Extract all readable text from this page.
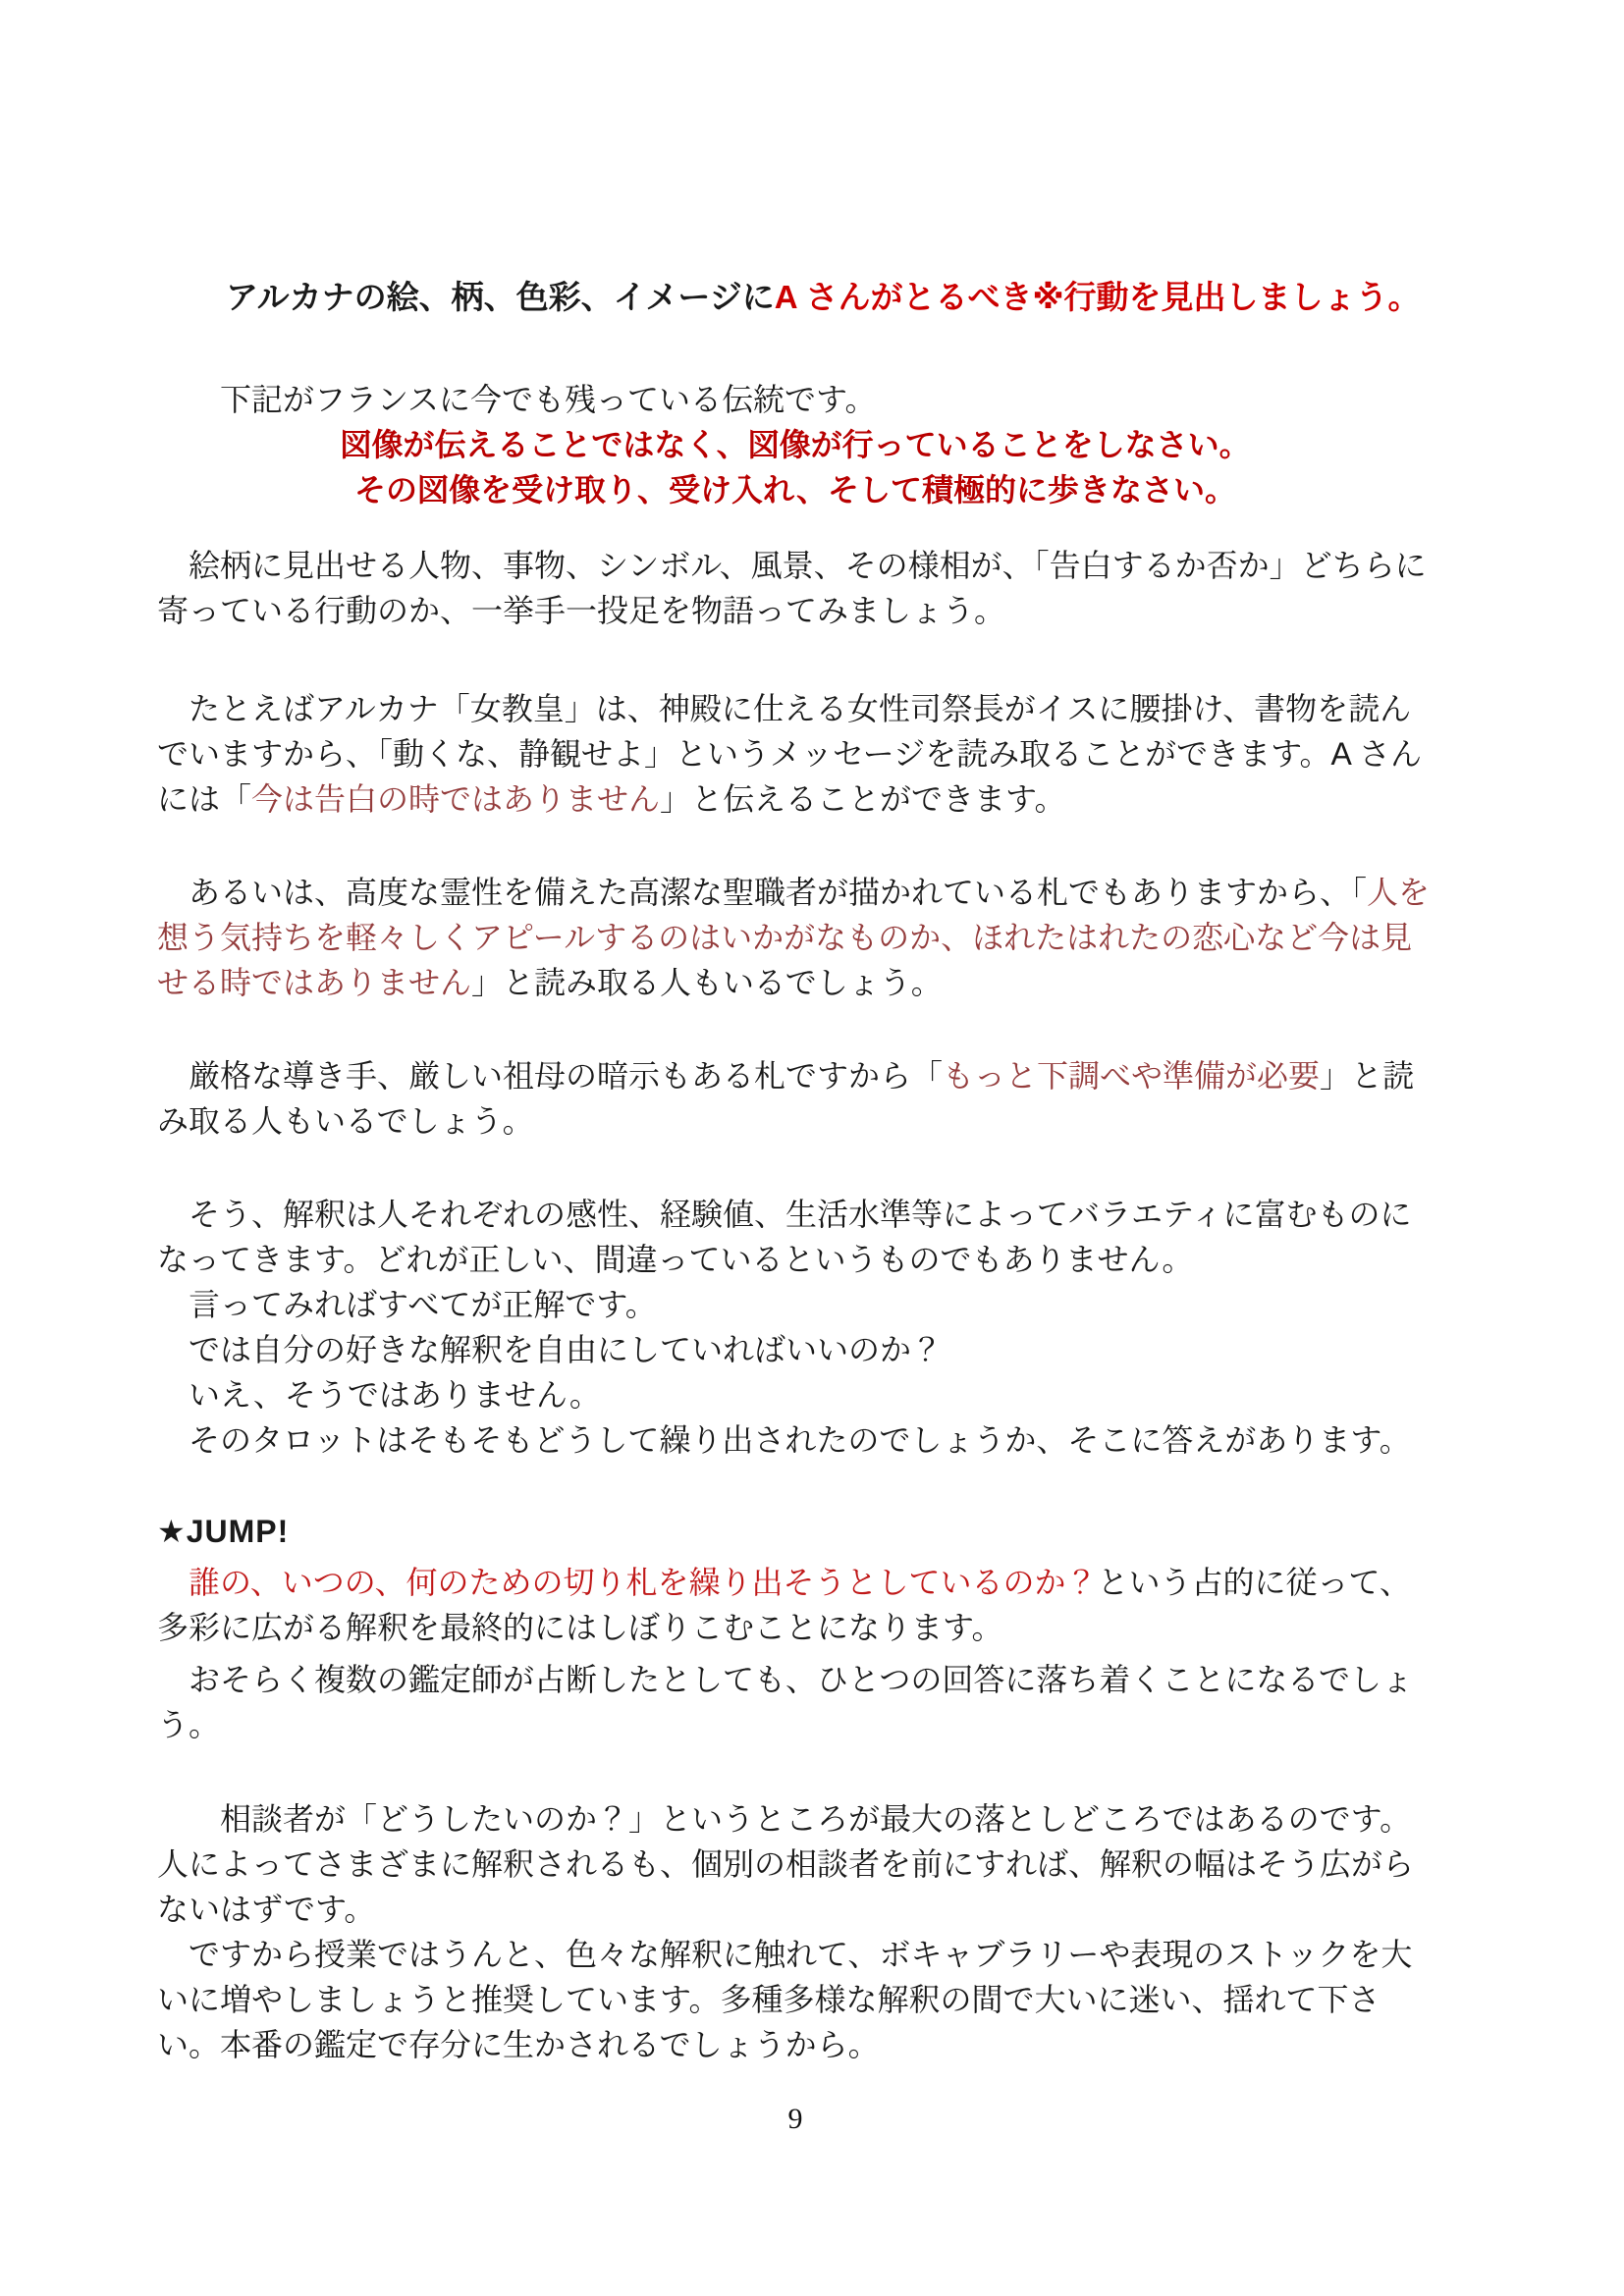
アルカナの絵、柄、色彩、イメージにA さんがとるべき※行動を見出しましょう。

下記がフランスに今でも残っている伝統です。

図像が伝えることではなく、図像が行っていることをしなさい。

その図像を受け取り、受け入れ、そして積極的に歩きなさい。

　絵柄に見出せる人物、事物、シンボル、風景、その様相が、「告白するか否か」どちらに寄っている行動のか、一挙手一投足を物語ってみましょう。

　たとえばアルカナ「女教皇」は、神殿に仕える女性司祭長がイスに腰掛け、書物を読んでいますから、「動くな、静観せよ」というメッセージを読み取ることができます。A さんには「今は告白の時ではありません」と伝えることができます。

　あるいは、高度な霊性を備えた高潔な聖職者が描かれている札でもありますから、「人を想う気持ちを軽々しくアピールするのはいかがなものか、ほれたはれたの恋心など今は見せる時ではありません」と読み取る人もいるでしょう。

　厳格な導き手、厳しい祖母の暗示もある札ですから「もっと下調べや準備が必要」と読み取る人もいるでしょう。

　そう、解釈は人それぞれの感性、経験値、生活水準等によってバラエティに富むものになってきます。どれが正しい、間違っているというものでもありません。

　言ってみればすべてが正解です。

　では自分の好きな解釈を自由にしていればいいのか？

　いえ、そうではありません。

　そのタロットはそもそもどうして繰り出されたのでしょうか、そこに答えがあります。

★JUMP!

　誰の、いつの、何のための切り札を繰り出そうとしているのか？という占的に従って、多彩に広がる解釈を最終的にはしぼりこむことになります。

　おそらく複数の鑑定師が占断したとしても、ひとつの回答に落ち着くことになるでしょう。

　　相談者が「どうしたいのか？」というところが最大の落としどころではあるのです。人によってさまざまに解釈されるも、個別の相談者を前にすれば、解釈の幅はそう広がらないはずです。

　ですから授業ではうんと、色々な解釈に触れて、ボキャブラリーや表現のストックを大いに増やしましょうと推奨しています。多種多様な解釈の間で大いに迷い、揺れて下さい。本番の鑑定で存分に生かされるでしょうから。

9
